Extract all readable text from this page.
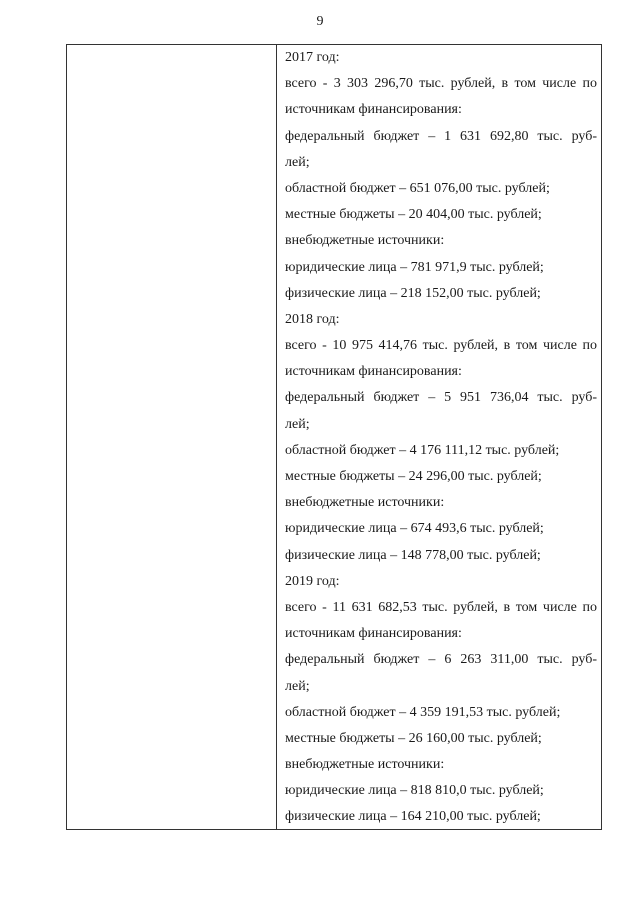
9
2017 год:
всего - 3 303 296,70 тыс. рублей, в том числе по
источникам финансирования:
федеральный бюджет – 1 631 692,80 тыс. руб-
лей;
областной бюджет – 651 076,00 тыс. рублей;
местные бюджеты – 20 404,00 тыс. рублей;
внебюджетные источники:
юридические лица – 781 971,9 тыс. рублей;
физические лица – 218 152,00 тыс. рублей;
2018 год:
всего - 10 975 414,76 тыс. рублей, в том числе по
источникам финансирования:
федеральный бюджет – 5 951 736,04 тыс. руб-
лей;
областной бюджет – 4 176 111,12 тыс. рублей;
местные бюджеты – 24 296,00 тыс. рублей;
внебюджетные источники:
юридические лица – 674 493,6 тыс. рублей;
физические лица – 148 778,00 тыс. рублей;
2019 год:
всего - 11 631 682,53 тыс. рублей, в том числе по
источникам финансирования:
федеральный бюджет – 6 263 311,00 тыс. руб-
лей;
областной бюджет – 4 359 191,53 тыс. рублей;
местные бюджеты – 26 160,00 тыс. рублей;
внебюджетные источники:
юридические лица – 818 810,0 тыс. рублей;
физические лица – 164 210,00 тыс. рублей;
